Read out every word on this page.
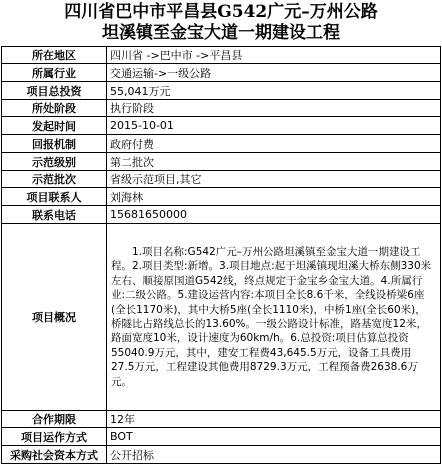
四川省巴中市平昌县G542广元–万州公路
坦溪镇至金宝大道一期建设工程
所在地区	四川省 ->巴中市 ->平昌县
所属行业	交通运输->一级公路
项目总投资	55,041万元
所处阶段	执行阶段
发起时间	2015-10-01
回报机制	政府付费
示范级别	第二批次
示范批次	省级示范项目,其它
项目联系人	刘海林
联系电话	15681650000
项目概况	1.项目名称:G542广元–万州公路坦溪镇至金宝大道一期建设工程。2.项目类型:新增。3.项目地点:起于坦溪镇现坦溪大桥东侧330米左右、顺接原国道G542线，终点规定于金宝乡金宝大道。4.所属行业:二级公路。5.建设运营内容:本项目全长8.6千米，全线设桥梁6座(全长1170米)，其中大桥5座(全长1110米)，中桥1座(全长60米)，桥隧比占路线总长的13.60%。一级公路设计标准，路基宽度12米，路面宽度10米，设计速度为60km/h。6.总投资:项目估算总投资55040.9万元，其中，建安工程费43,645.5万元，设备工具费用27.5万元，工程建设其他费用8729.3万元，工程预备费2638.6万元。

合作期限	12年
项目运作方式	BOT
采购社会资本方式	公开招标
